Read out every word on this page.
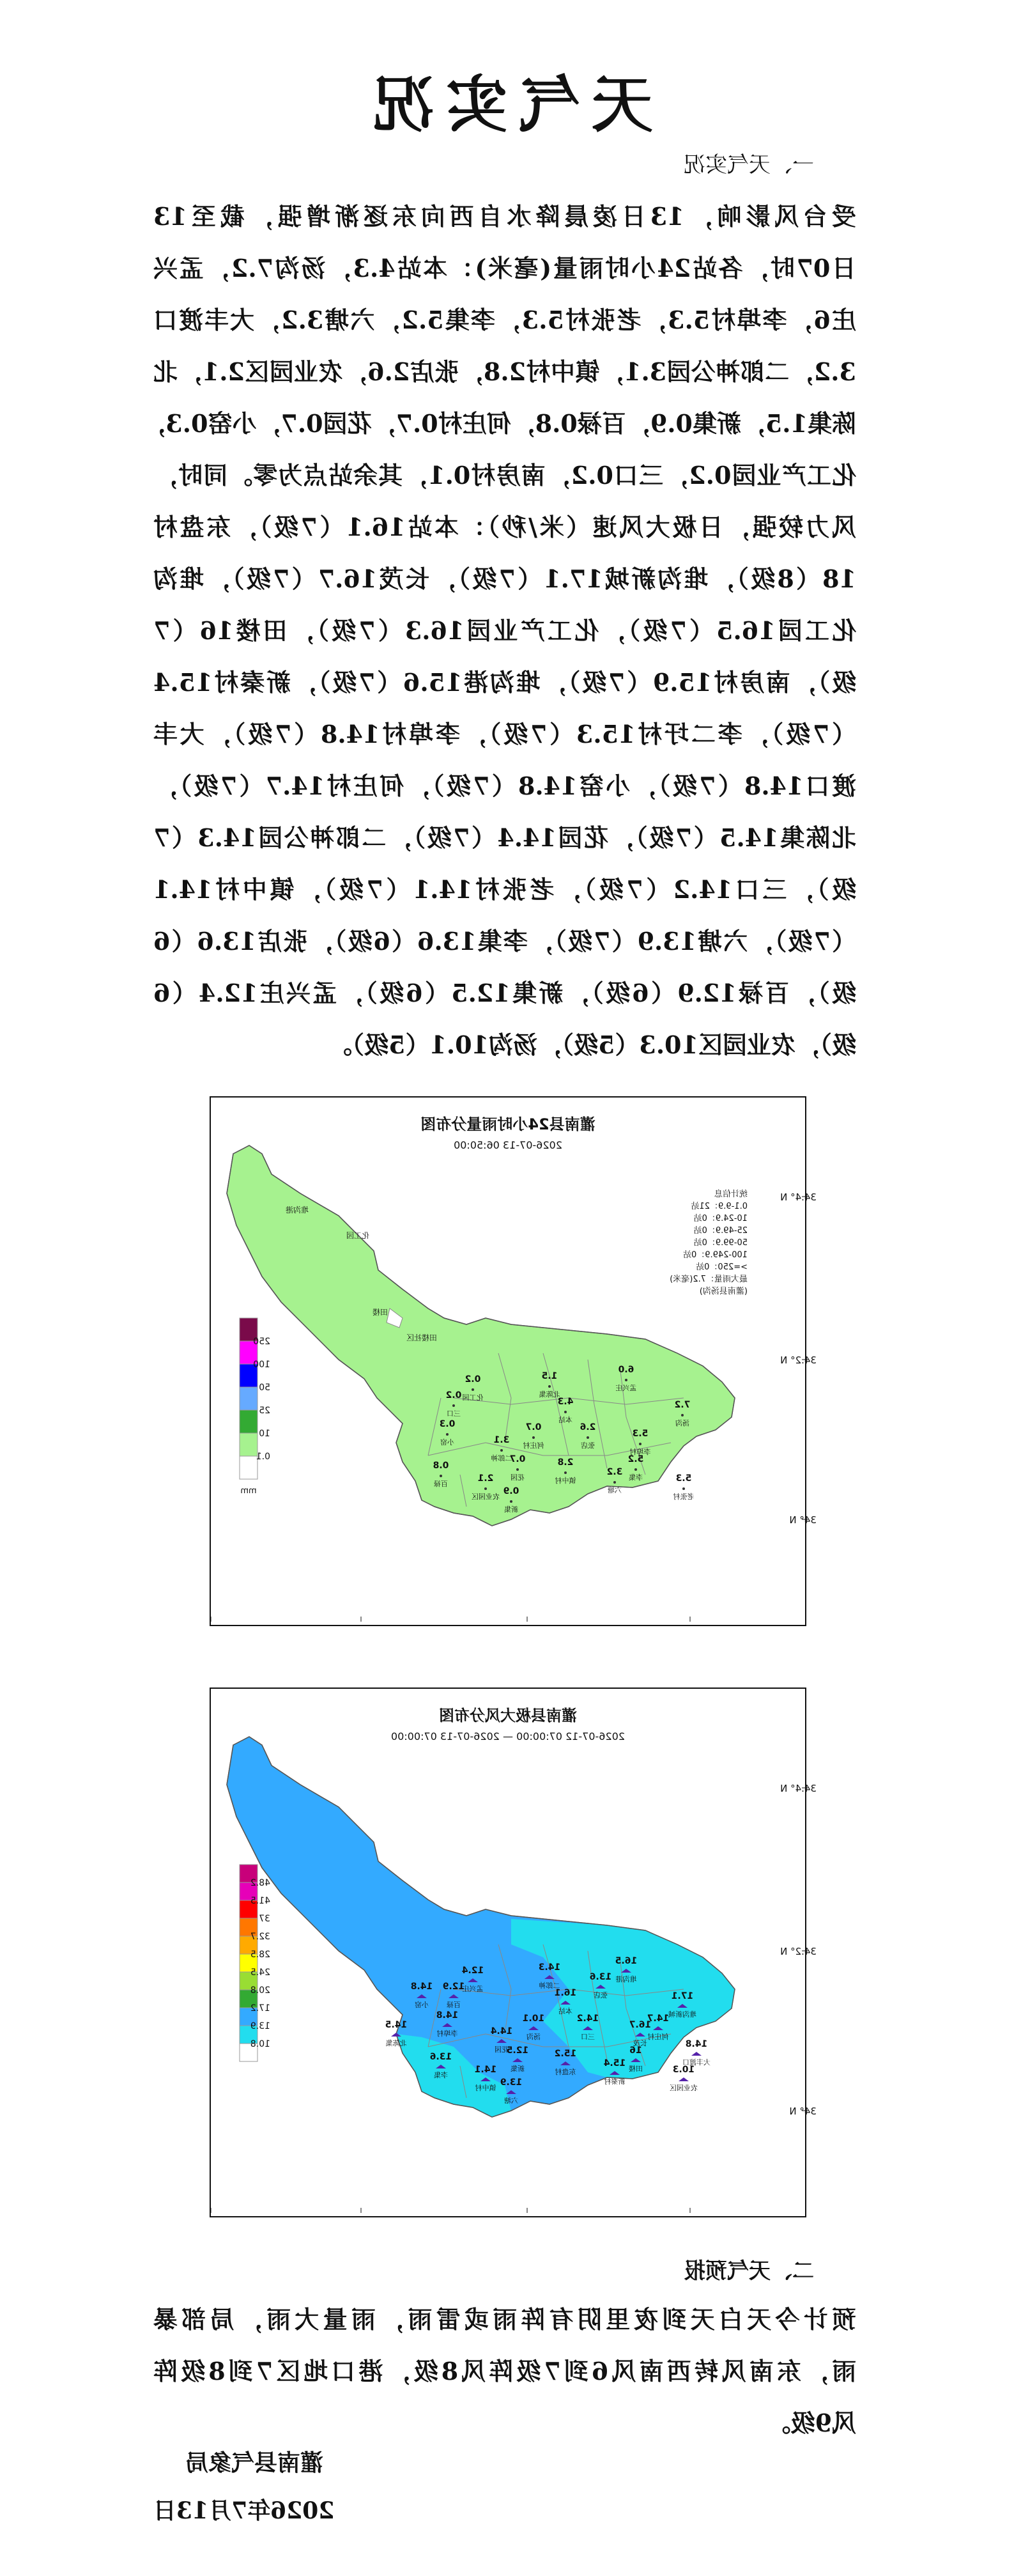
天气实况
一、天气实况
受台风影响，13日凌晨降水自西向东逐渐增强，截至13
日07时，各站24小时雨量(毫米)：本站4.3，汤沟7.2，孟兴
庄6，李埠村5.3，老张村5.3，李集5.2，六塘3.2，大丰渡口
3.2，二郎神公园3.1，镇中村2.8，张店2.6，农业园区2.1，北
陈集1.5，新集0.9，百禄0.8，何庄村0.7，花园0.7，小窑0.3，
化工产业园0.2，三口0.2，南房村0.1，其余站点为零。同时，
风力较强，日极大风速（米/秒）：本站16.1（7级），东盘村
18（8级），堆沟新城17.1（7级），长茂16.7（7级），堆沟
化工园16.5（7级），化工产业园16.3（7级），田楼16（7
级），南房村15.9（7级），堆沟港15.6（7级），新秦村15.4
（7级），李二圩村15.3（7级），李埠村14.8（7级），大丰
渡口14.8（7级），小窑14.8（7级），何庄村14.7（7级），
北陈集14.5（7级），花园14.4（7级），二郎神公园14.3（7
级），三口14.2（7级），老张村14.1（7级），镇中村14.1
（7级），六塘13.9（7级），李集13.6（6级），张店13.6（6
级），百禄12.9（6级），新集12.5（6级），孟兴庄12.4（6
级），农业园区10.3（5级），汤沟10.1（5级）。
灌南县24小时雨量分布图
2026-07-13 06:50:00
34.4° N
34.2° N
34° N
6.0
孟兴庄
7.2
汤沟
5.3
李埠村
5.2
李集
3.2
六塘
2.8
镇中村
2.6
张店
3.1
二郎神
4.3
本站
1.5
北陈集
0.2
化工园
0.7
何庄村
0.3
小窑
0.8
百禄
0.9
新集
0.2
三口
0.7
花园	5.3
老张村
2.1
农业园区
250
100
50
25
10
0.1
mm
统计信息
0.1-9.9：21站
10-24.9：0站
25-49.9：0站
50-99.9：0站
100-249.9：0站
>=250：0站
最大雨量：7.2(毫米)
(灌南县汤沟)
堆沟港
化工园
田楼
田楼社区
灌南县极大风分布图
2026-07-12 07:00:00 — 2026-07-13 07:00:00
34.4° N
34.2° N
34° N
16.5
堆沟港
17.1
堆沟新城
16.7
长茂
16
田楼
15.4
新秦村
15.2
东盘村
14.2
三口
14.4
花园
16.1
本站
14.3
二郎神
12.4
孟兴庄
10.1
汤沟
14.8
李埠村
13.6
李集
13.9
六塘
12.9
百禄
12.5
新集	10.3
农业园区
14.1
镇中村
13.6
张店
14.5
北陈集
14.8
小窑
14.7
何庄村
14.8
大丰渡口
48.2
41.5
37
32.7
28.5
24.5
20.8
17.2
13.9
10.8
二、天气预报
预计今天白天到夜里阴有阵雨或雷雨，雨量大雨，局部暴
雨，东南风转西南风6到7级阵风8级，港口地区7到8级阵
风9级。
灌南县气象局
2026年7月13日
